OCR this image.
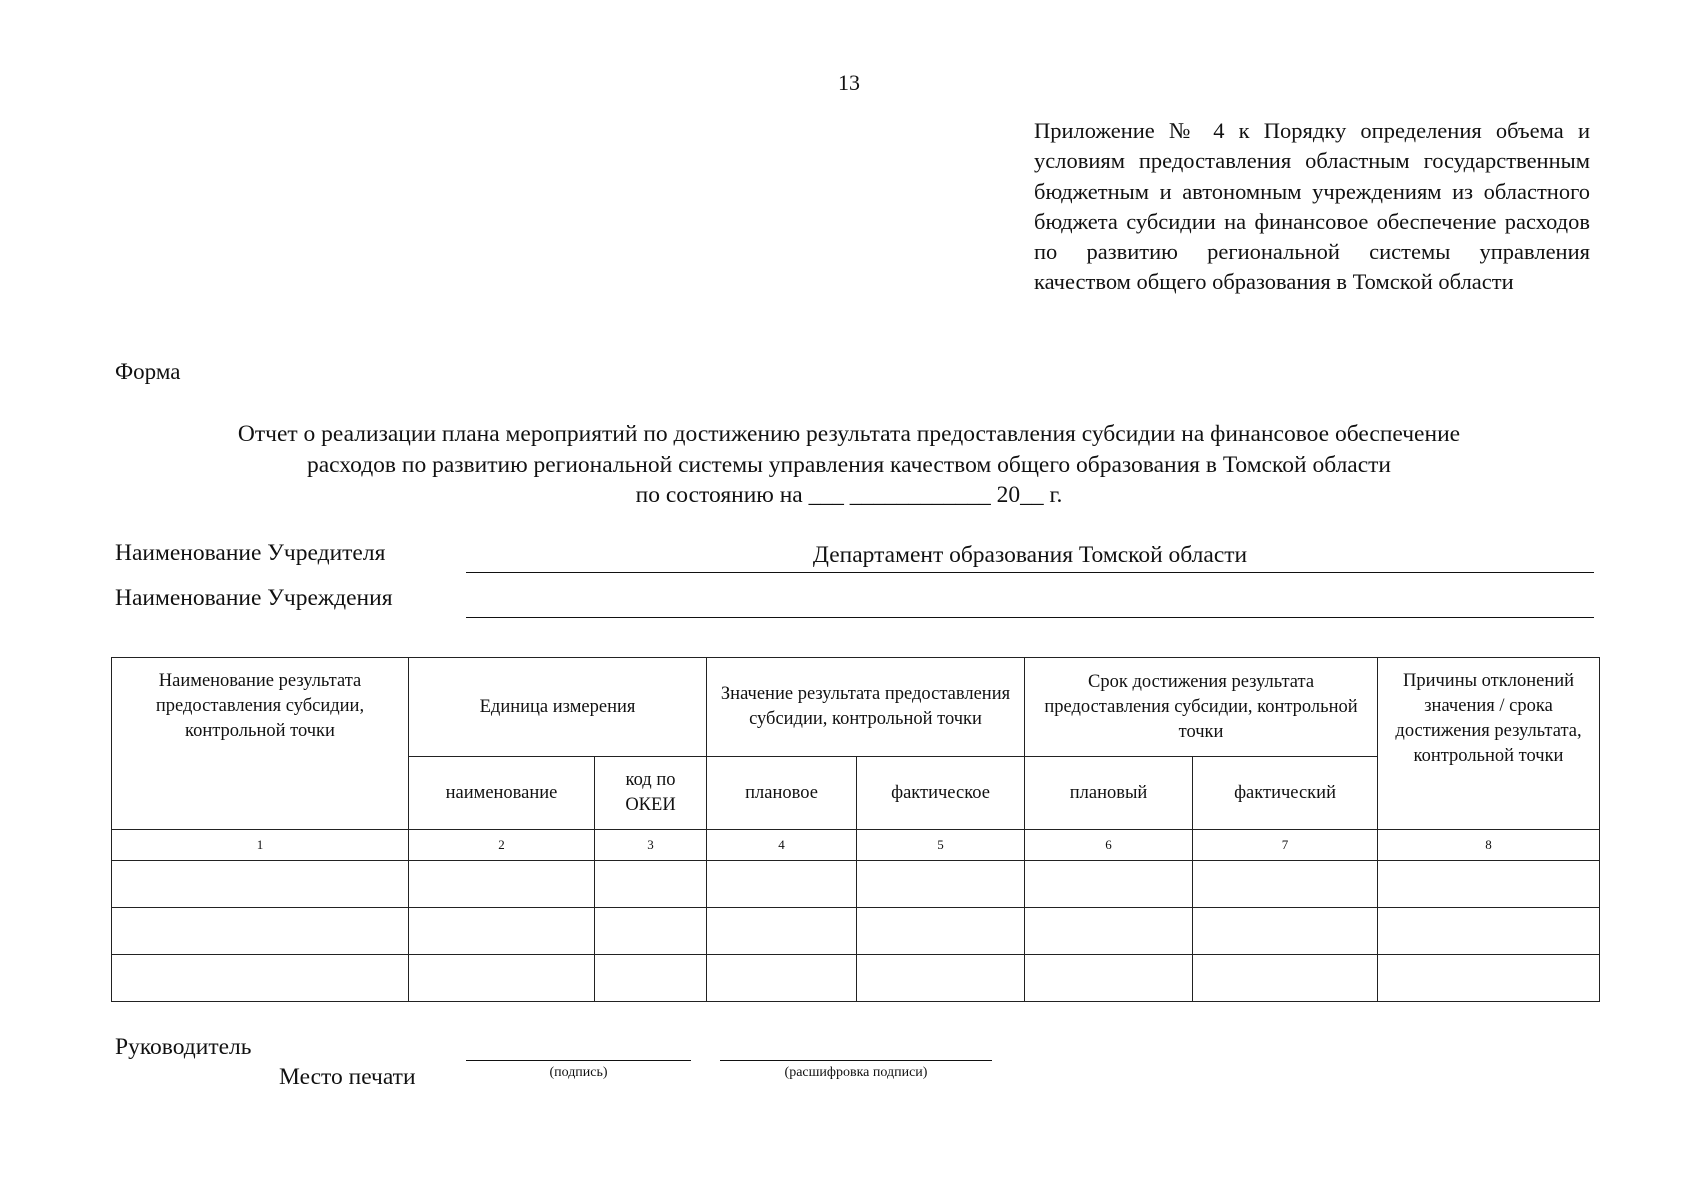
13
Приложение № 4 к Порядку определения объема и условиям предоставления областным государственным бюджетным и автономным учреждениям из областного бюджета субсидии на финансовое обеспечение расходов по развитию региональной системы управления качеством общего образования в Томской области
Форма
Отчет о реализации плана мероприятий по достижению результата предоставления субсидии на финансовое обеспечение
расходов по развитию региональной системы управления качеством общего образования в Томской области
по состоянию на ___ ____________ 20__ г.
Наименование Учредителя	Департамент образования Томской области
Наименование Учреждения
Наименование результата предоставления субсидии, контрольной точки	Единица измерения		Значение результата предоставления субсидии, контрольной точки		Срок достижения результата предоставления субсидии, контрольной точки		Причины отклонений значения / срока достижения результата, контрольной точки
	наименование	код по ОКЕИ	плановое	фактическое	плановый	фактический	
1	2	3	4	5	6	7	8

Руководитель
Место печати	(подпись)	(расшифровка подписи)
